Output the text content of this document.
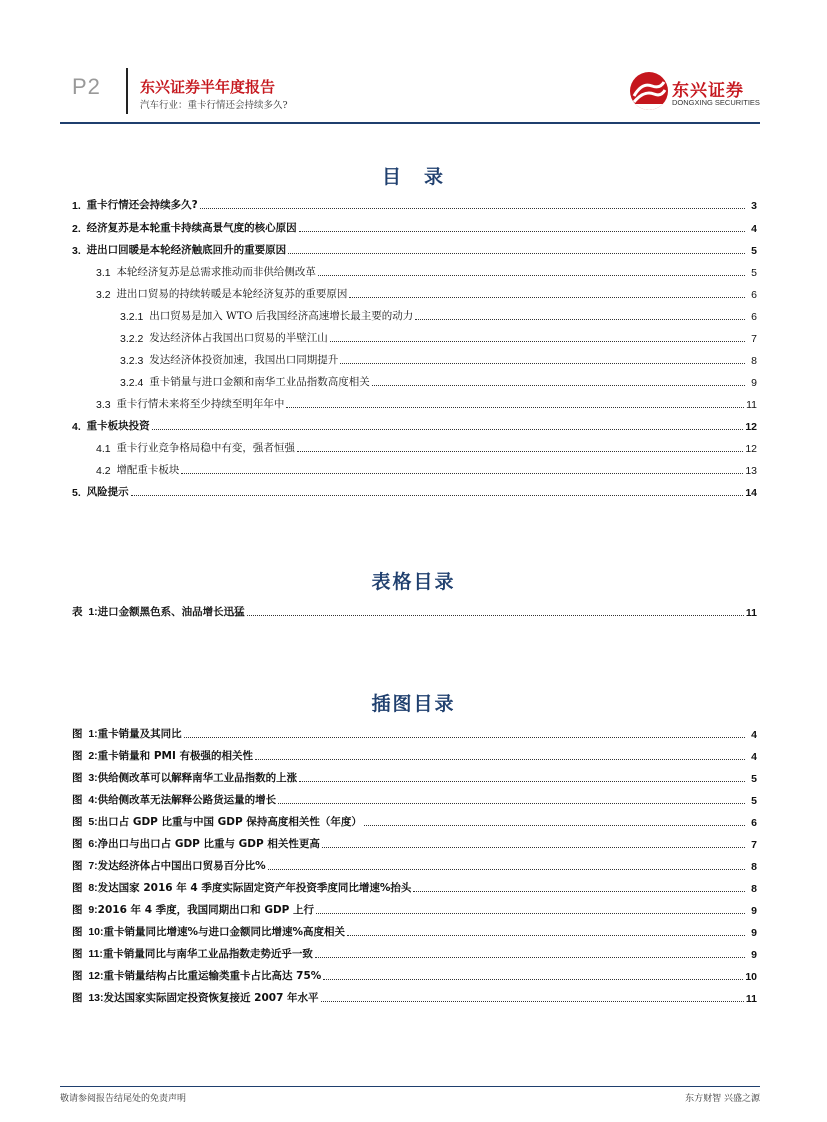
P2	东兴证券半年度报告
汽车行业：重卡行情还会持续多久?
东兴证券
DONGXING SECURITIES
目　录
表格目录
插图目录
1. 重卡行情还会持续多久?	3
2. 经济复苏是本轮重卡持续高景气度的核心原因	4
3. 进出口回暖是本轮经济触底回升的重要原因	5
3.1 本轮经济复苏是总需求推动而非供给侧改革	5
3.2 进出口贸易的持续转暖是本轮经济复苏的重要原因	6
3.2.1 出口贸易是加入 WTO 后我国经济高速增长最主要的动力	6
3.2.2 发达经济体占我国出口贸易的半壁江山	7
3.2.3 发达经济体投资加速，我国出口同期提升	8
3.2.4 重卡销量与进口金额和南华工业品指数高度相关	9
3.3 重卡行情未来将至少持续至明年年中	11
4. 重卡板块投资	12
4.1 重卡行业竞争格局稳中有变，强者恒强	12
4.2 增配重卡板块	13
5. 风险提示	14
表  1: 进口金额黑色系、油品增长迅猛	11
图  1: 重卡销量及其同比	4
图  2: 重卡销量和 PMI 有极强的相关性	4
图  3: 供给侧改革可以解释南华工业品指数的上涨	5
图  4: 供给侧改革无法解释公路货运量的增长	5
图  5: 出口占 GDP 比重与中国 GDP 保持高度相关性（年度）	6
图  6: 净出口与出口占 GDP 比重与 GDP 相关性更高	7
图  7: 发达经济体占中国出口贸易百分比%	8
图  8: 发达国家 2016 年 4 季度实际固定资产年投资季度同比增速%抬头	8
图  9: 2016 年 4 季度，我国同期出口和 GDP 上行	9
图  10: 重卡销量同比增速%与进口金额同比增速%高度相关	9
图  11: 重卡销量同比与南华工业品指数走势近乎一致	9
图  12: 重卡销量结构占比重运输类重卡占比高达 75%	10
图  13: 发达国家实际固定投资恢复接近 2007 年水平	11
敬请参阅报告结尾处的免责声明	东方财智 兴盛之源
